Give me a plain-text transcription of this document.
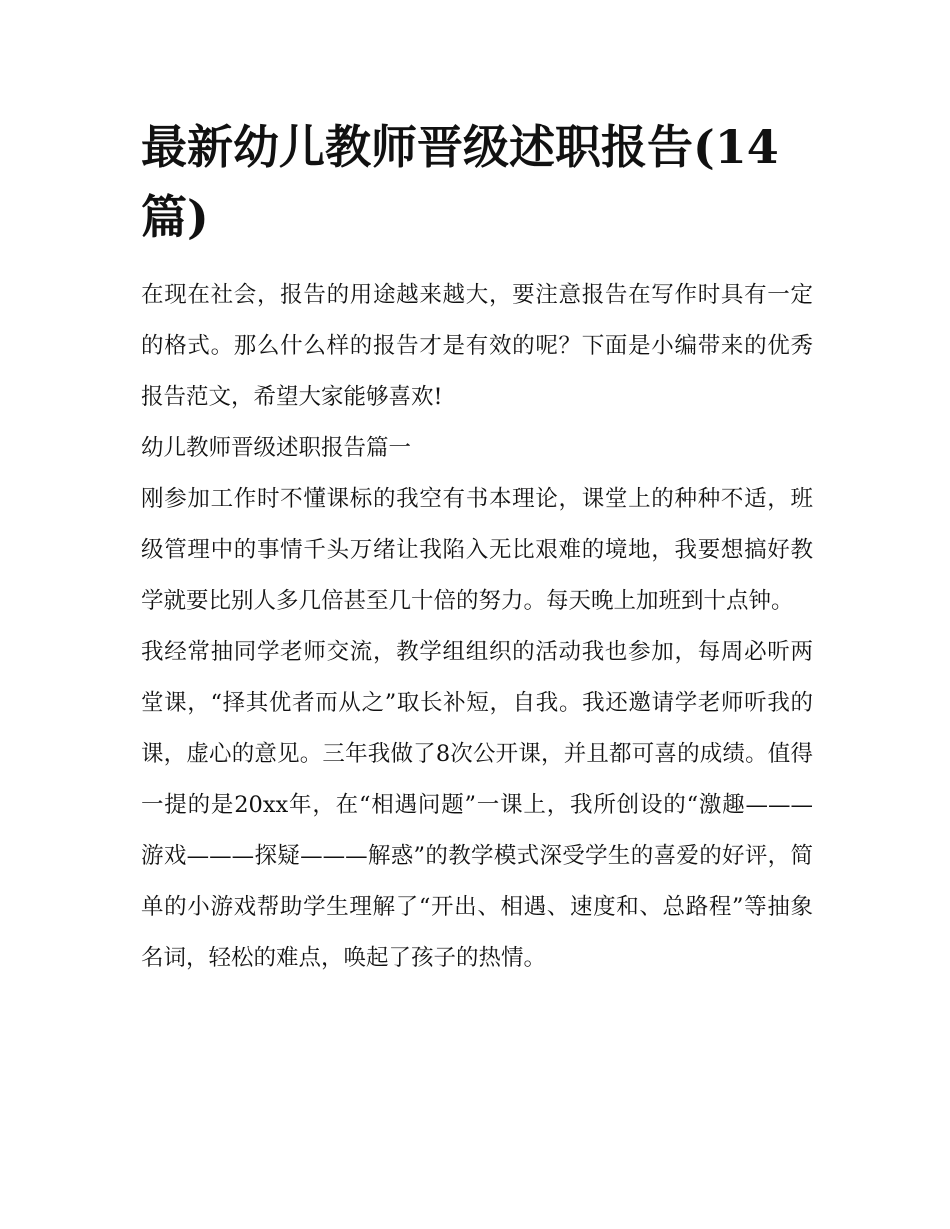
最新幼儿教师晋级述职报告(14篇)

在现在社会，报告的用途越来越大，要注意报告在写作时具有一定的格式。那么什么样的报告才是有效的呢？下面是小编带来的优秀报告范文，希望大家能够喜欢!

幼儿教师晋级述职报告篇一

刚参加工作时不懂课标的我空有书本理论，课堂上的种种不适，班级管理中的事情千头万绪让我陷入无比艰难的境地，我要想搞好教学就要比别人多几倍甚至几十倍的努力。每天晚上加班到十点钟。

我经常抽同学老师交流，教学组组织的活动我也参加，每周必听两堂课，“择其优者而从之”取长补短，自我。我还邀请学老师听我的课，虚心的意见。三年我做了8次公开课，并且都可喜的成绩。值得一提的是20xx年，在“相遇问题”一课上，我所创设的“激趣———游戏———探疑———解惑”的教学模式深受学生的喜爱的好评，简单的小游戏帮助学生理解了“开出、相遇、速度和、总路程”等抽象名词，轻松的难点，唤起了孩子的热情。
